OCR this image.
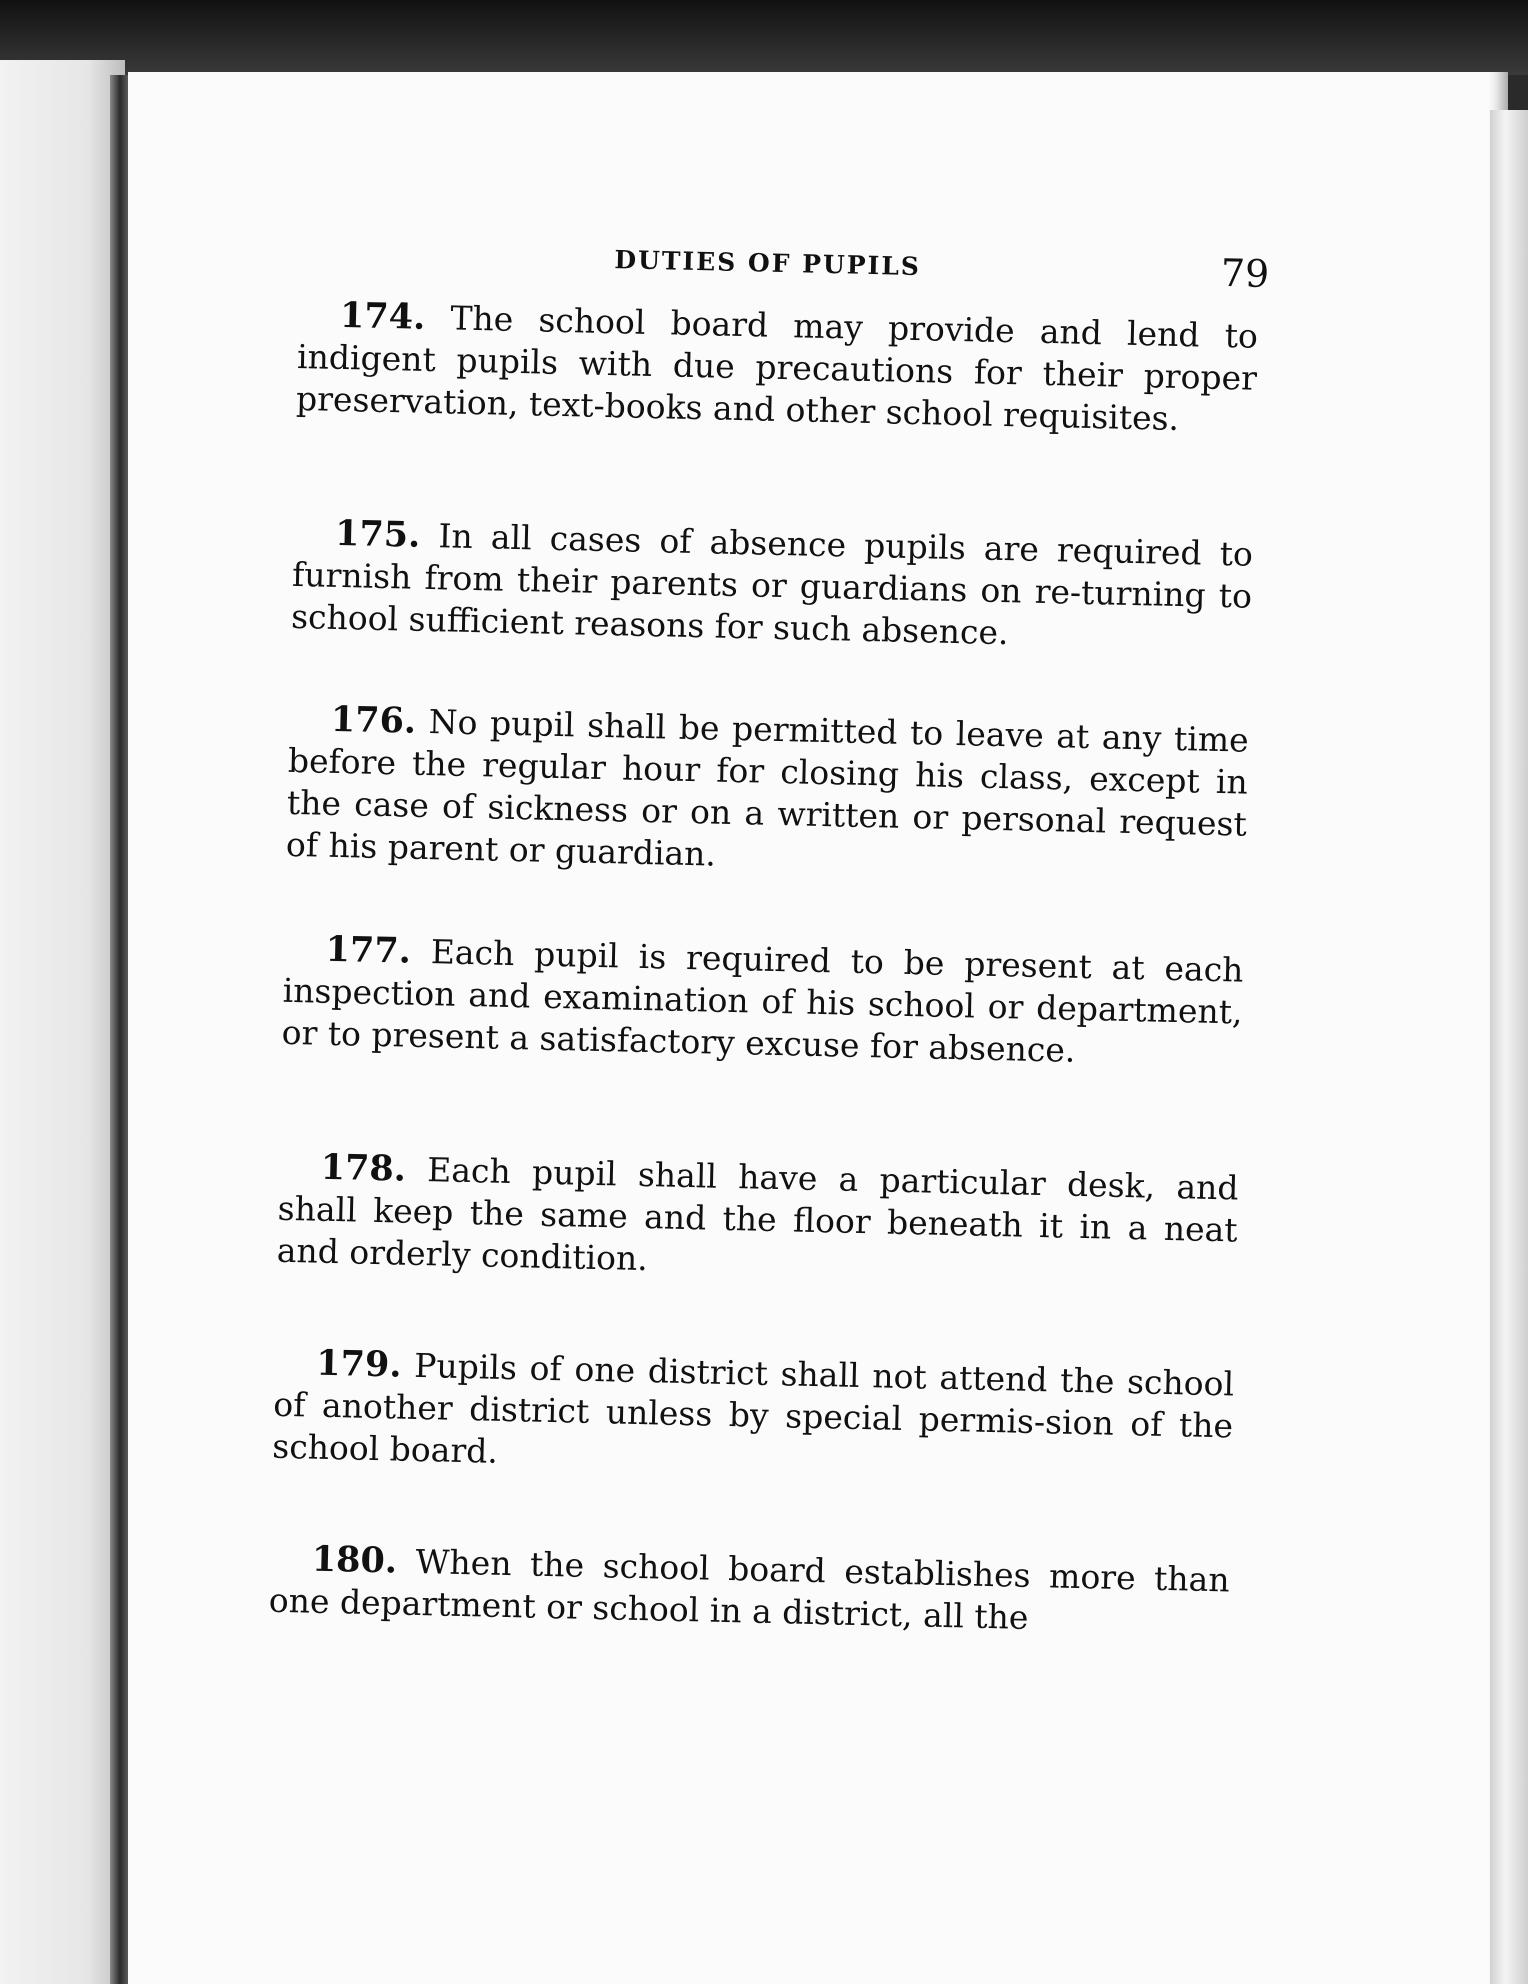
DUTIES OF PUPILS	79

174. The school board may provide and lend to indigent pupils with due precautions for their proper preservation, text-books and other school requisites.

175. In all cases of absence pupils are required to furnish from their parents or guardians on re-turning to school sufficient reasons for such absence.

176. No pupil shall be permitted to leave at any time before the regular hour for closing his class, except in the case of sickness or on a written or personal request of his parent or guardian.

177. Each pupil is required to be present at each inspection and examination of his school or department, or to present a satisfactory excuse for absence.

178. Each pupil shall have a particular desk, and shall keep the same and the floor beneath it in a neat and orderly condition.

179. Pupils of one district shall not attend the school of another district unless by special permis-sion of the school board.

180. When the school board establishes more than one department or school in a district, all the
